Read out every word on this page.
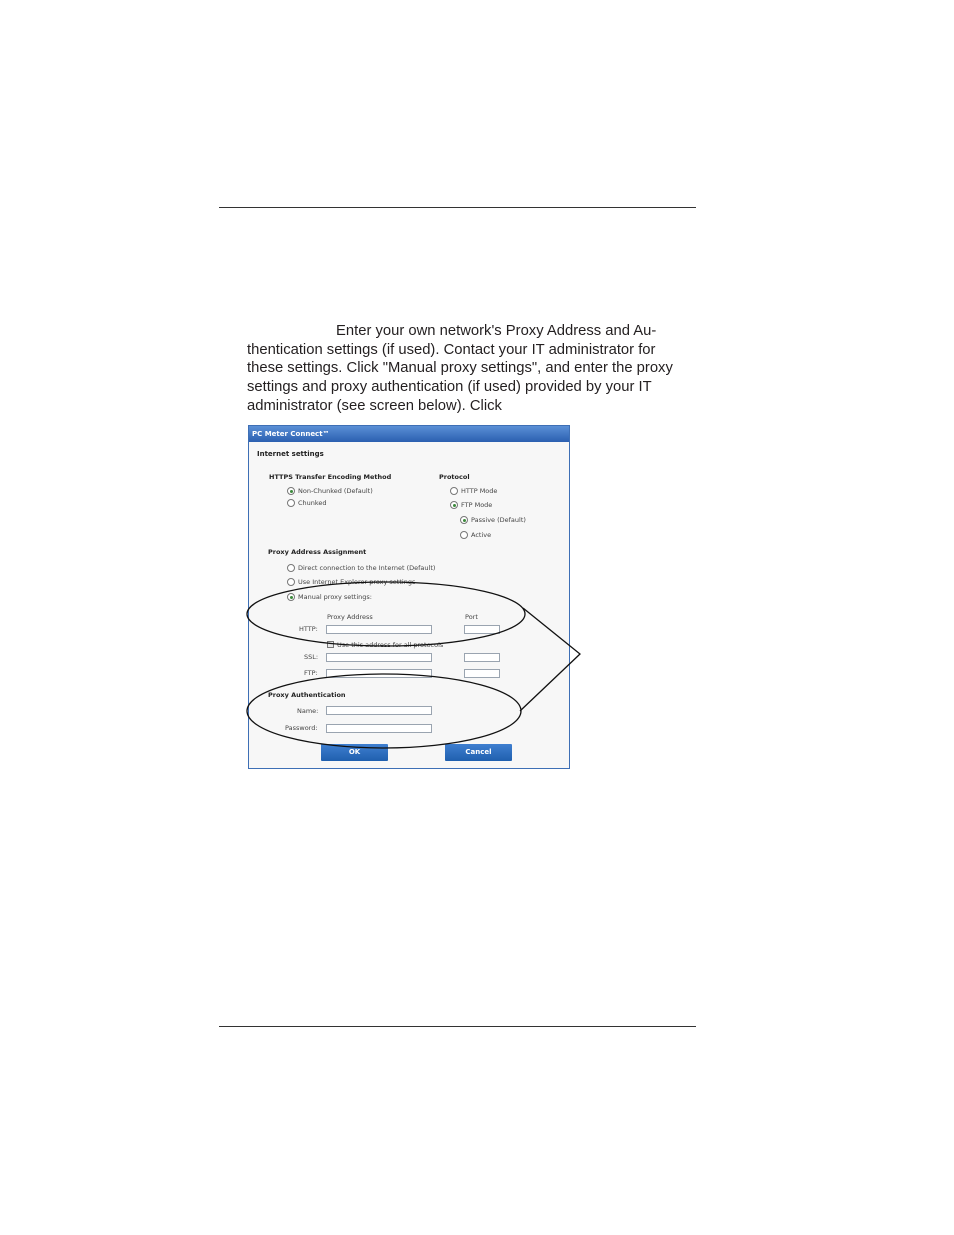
Enter your own network's Proxy Address and Au-
thentication settings (if used). Contact your IT administrator for
these settings. Click "Manual proxy settings", and enter the proxy
settings and proxy authentication (if used) provided by your IT
administrator (see screen below). Click
PC Meter Connect™
Internet settings
HTTPS Transfer Encoding Method
Non-Chunked (Default)
Chunked
Protocol
HTTP Mode
FTP Mode
Passive (Default)
Active
Proxy Address Assignment
Direct connection to the Internet (Default)
Use Internet Explorer proxy settings
Manual proxy settings:
Proxy Address	Port
HTTP:
Use this address for all protocols
SSL:
FTP:
Proxy Authentication
Name:
Password:
OK	Cancel
